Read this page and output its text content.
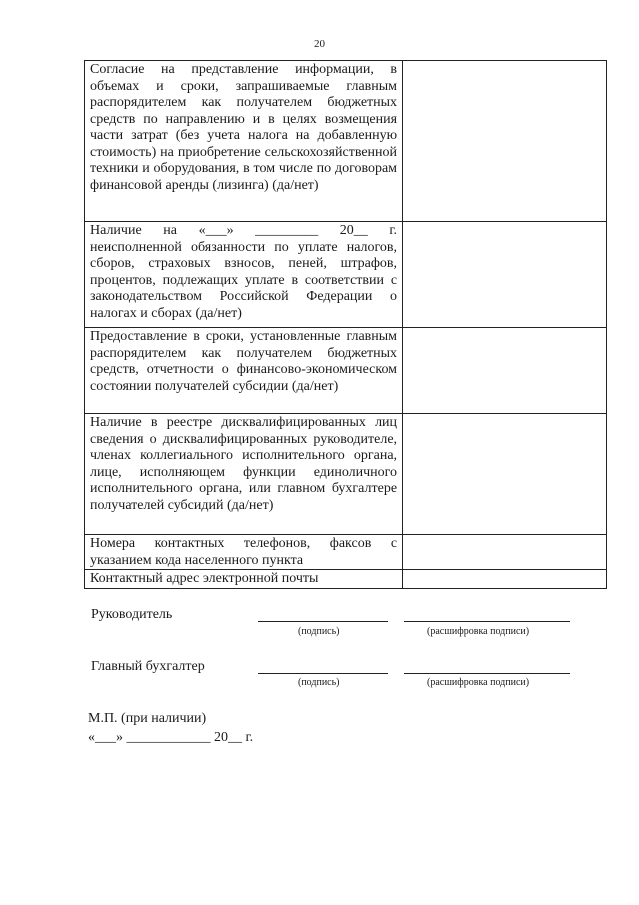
20
Согласие на представление информации, в объемах и сроки, запрашиваемые главным распорядителем как получателем бюджетных средств по направлению и в целях возмещения части затрат (без учета налога на добавленную стоимость) на приобретение сельскохозяйственной техники и оборудования, в том числе по договорам финансовой аренды (лизинга) (да/нет)	
Наличие на «___» _________ 20__ г. неисполненной обязанности по уплате налогов, сборов, страховых взносов, пеней, штрафов, процентов, подлежащих уплате в соответствии с законодательством Российской Федерации о налогах и сборах (да/нет)	
Предоставление в сроки, установленные главным распорядителем как получателем бюджетных средств, отчетности о финансово-экономическом состоянии получателей субсидии (да/нет)	
Наличие в реестре дисквалифицированных лиц сведения о дисквалифицированных руководителе, членах коллегиального исполнительного органа, лице, исполняющем функции единоличного исполнительного органа, или главном бухгалтере получателей субсидий (да/нет)	
Номера контактных телефонов, факсов с указанием кода населенного пункта	
Контактный адрес электронной почты	
Руководитель
(подпись)	(расшифровка подписи)
Главный бухгалтер
(подпись)	(расшифровка подписи)
М.П. (при наличии)
«___» ____________ 20__ г.
